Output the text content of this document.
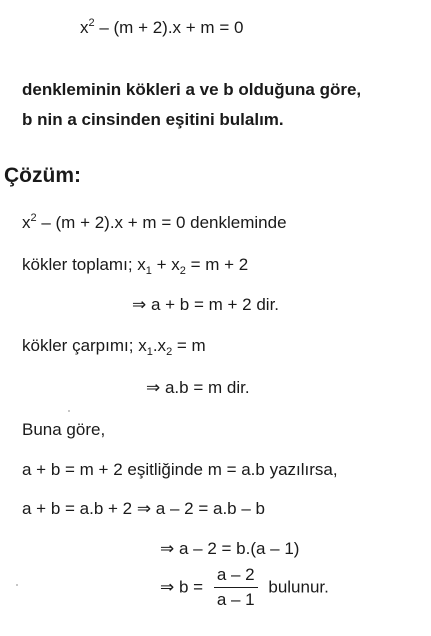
$x^2 - (m + 2).x + m = 0$
denkleminin kökleri a ve b olduğuna göre,
b nin a cinsinden eşitini bulalım.
Çözüm:
$x^2 - (m + 2).x + m = 0$ denkleminde
kökler toplamı; $x_1 + x_2 = m + 2$
⇒ a + b = m + 2 dir.
kökler çarpımı; $x_1.x_2 = m$
⇒ a.b = m dir.
Buna göre,
a + b = m + 2 eşitliğinde m = a.b yazılırsa,
a + b = a.b + 2 ⇒ a – 2 = a.b – b
⇒ a – 2 = b.(a – 1)
⇒ $b = \frac{a - 2}{a - 1}$ bulunur.
